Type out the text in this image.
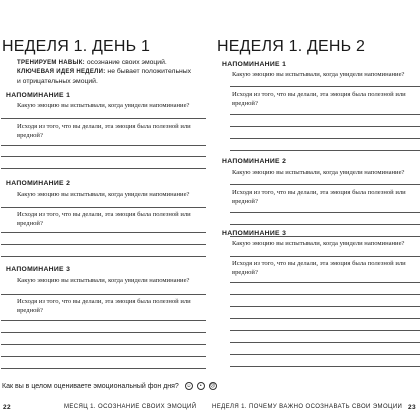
НЕДЕЛЯ 1. ДЕНЬ 1
ТРЕНИРУЕМ НАВЫК: осознание своих эмоций.
КЛЮЧЕВАЯ ИДЕЯ НЕДЕЛИ: не бывает положительных и отрицательных эмоций.
НАПОМИНАНИЕ 1
Какую эмоцию вы испытывали, когда увидели напоминание?
Исходя из того, что вы делали, эта эмоция была полезной или вредной?
НАПОМИНАНИЕ 2
Какую эмоцию вы испытывали, когда увидели напоминание?
Исходя из того, что вы делали, эта эмоция была полезной или вредной?
НАПОМИНАНИЕ 3
Какую эмоцию вы испытывали, когда увидели напоминание?
Исходя из того, что вы делали, эта эмоция была полезной или вредной?
Как вы в целом оцениваете эмоциональный фон дня? ☺ • ☹
22	МЕСЯЦ 1. ОСОЗНАНИЕ СВОИХ ЭМОЦИЙ
НЕДЕЛЯ 1. ДЕНЬ 2
НАПОМИНАНИЕ 1
Какую эмоцию вы испытывали, когда увидели напоминание?
Исходя из того, что вы делали, эта эмоция была полезной или вредной?
НАПОМИНАНИЕ 2
Какую эмоцию вы испытывали, когда увидели напоминание?
Исходя из того, что вы делали, эта эмоция была полезной или вредной?
НАПОМИНАНИЕ 3
Какую эмоцию вы испытывали, когда увидели напоминание?
Исходя из того, что вы делали, эта эмоция была полезной или вредной?
НЕДЕЛЯ 1. ПОЧЕМУ ВАЖНО ОСОЗНАВАТЬ СВОИ ЭМОЦИИ 23
